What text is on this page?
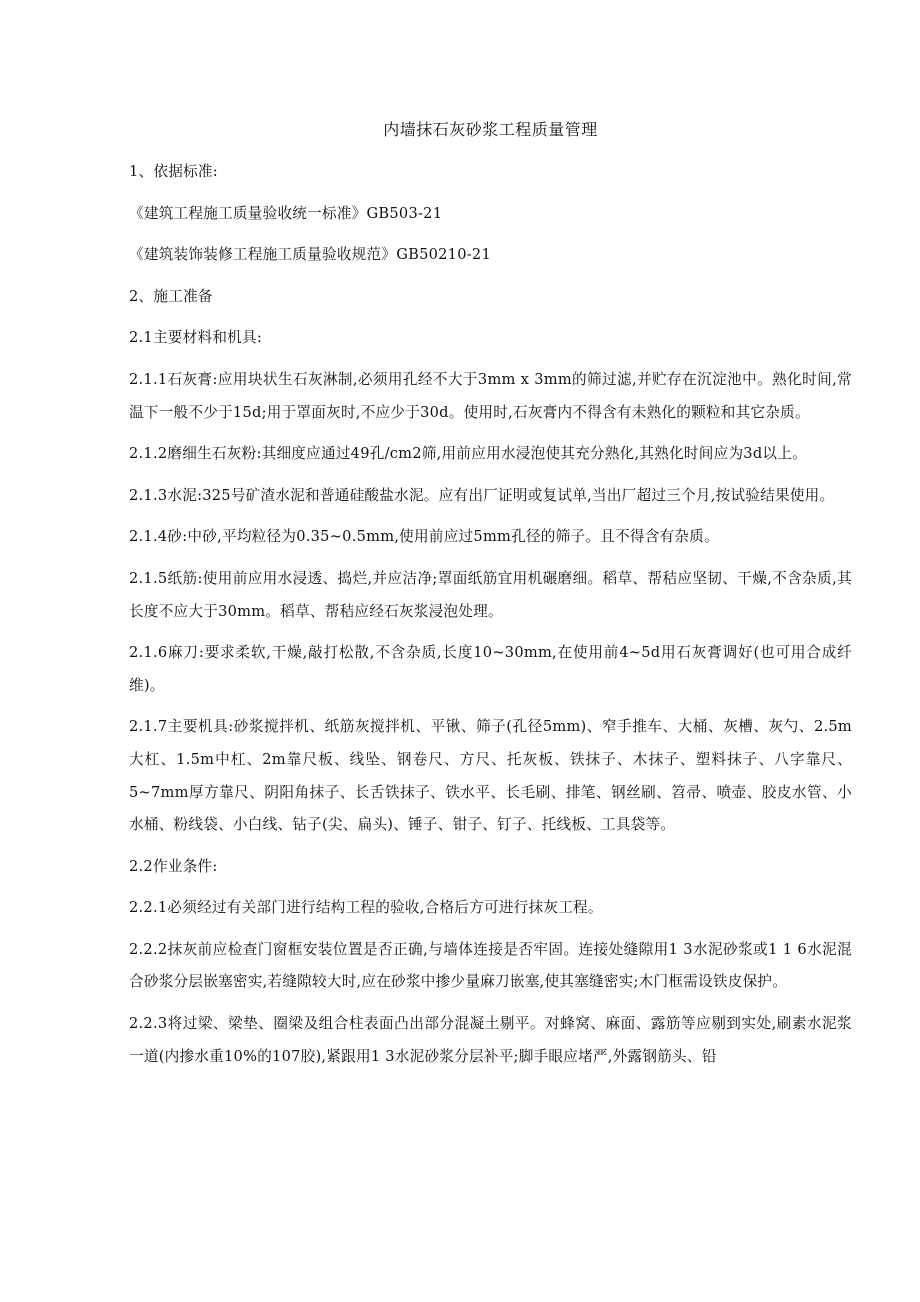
内墙抹石灰砂浆工程质量管理

1、依据标准:

《建筑工程施工质量验收统一标准》GB503-21

《建筑装饰装修工程施工质量验收规范》GB50210-21

2、施工准备

2.1主要材料和机具:

2.1.1石灰膏:应用块状生石灰淋制,必须用孔经不大于3mm x 3mm的筛过滤,并贮存在沉淀池中。熟化时间,常温下一般不少于15d;用于罩面灰时,不应少于30d。使用时,石灰膏内不得含有未熟化的颗粒和其它杂质。

2.1.2磨细生石灰粉:其细度应通过49孔/cm2筛,用前应用水浸泡使其充分熟化,其熟化时间应为3d以上。

2.1.3水泥:325号矿渣水泥和普通硅酸盐水泥。应有出厂证明或复试单,当出厂超过三个月,按试验结果使用。

2.1.4砂:中砂,平均粒径为0.35~0.5mm,使用前应过5mm孔径的筛子。且不得含有杂质。

2.1.5纸筋:使用前应用水浸透、捣烂,并应洁净;罩面纸筋宜用机碾磨细。稻草、帮秸应坚韧、干燥,不含杂质,其长度不应大于30mm。稻草、帮秸应经石灰浆浸泡处理。

2.1.6麻刀:要求柔软,干燥,敲打松散,不含杂质,长度10~30mm,在使用前4~5d用石灰膏调好(也可用合成纤维)。

2.1.7主要机具:砂浆搅拌机、纸筋灰搅拌机、平锹、筛子(孔径5mm)、窄手推车、大桶、灰槽、灰勺、2.5m大杠、1.5m中杠、2m靠尺板、线坠、钢卷尺、方尺、托灰板、铁抹子、木抹子、塑料抹子、八字靠尺、5~7mm厚方靠尺、阴阳角抹子、长舌铁抹子、铁水平、长毛刷、排笔、钢丝刷、笤帚、喷壶、胶皮水管、小水桶、粉线袋、小白线、钻子(尖、扁头)、锤子、钳子、钉子、托线板、工具袋等。

2.2作业条件:

2.2.1必须经过有关部门进行结构工程的验收,合格后方可进行抹灰工程。

2.2.2抹灰前应检查门窗框安装位置是否正确,与墙体连接是否牢固。连接处缝隙用1 3水泥砂浆或1 1 6水泥混合砂浆分层嵌塞密实,若缝隙较大时,应在砂浆中掺少量麻刀嵌塞,使其塞缝密实;木门框需设铁皮保护。

2.2.3将过梁、梁垫、圈梁及组合柱表面凸出部分混凝土剔平。对蜂窝、麻面、露筋等应剔到实处,刷素水泥浆一道(内掺水重10%的107胶),紧跟用1 3水泥砂浆分层补平;脚手眼应堵严,外露钢筋头、铅
